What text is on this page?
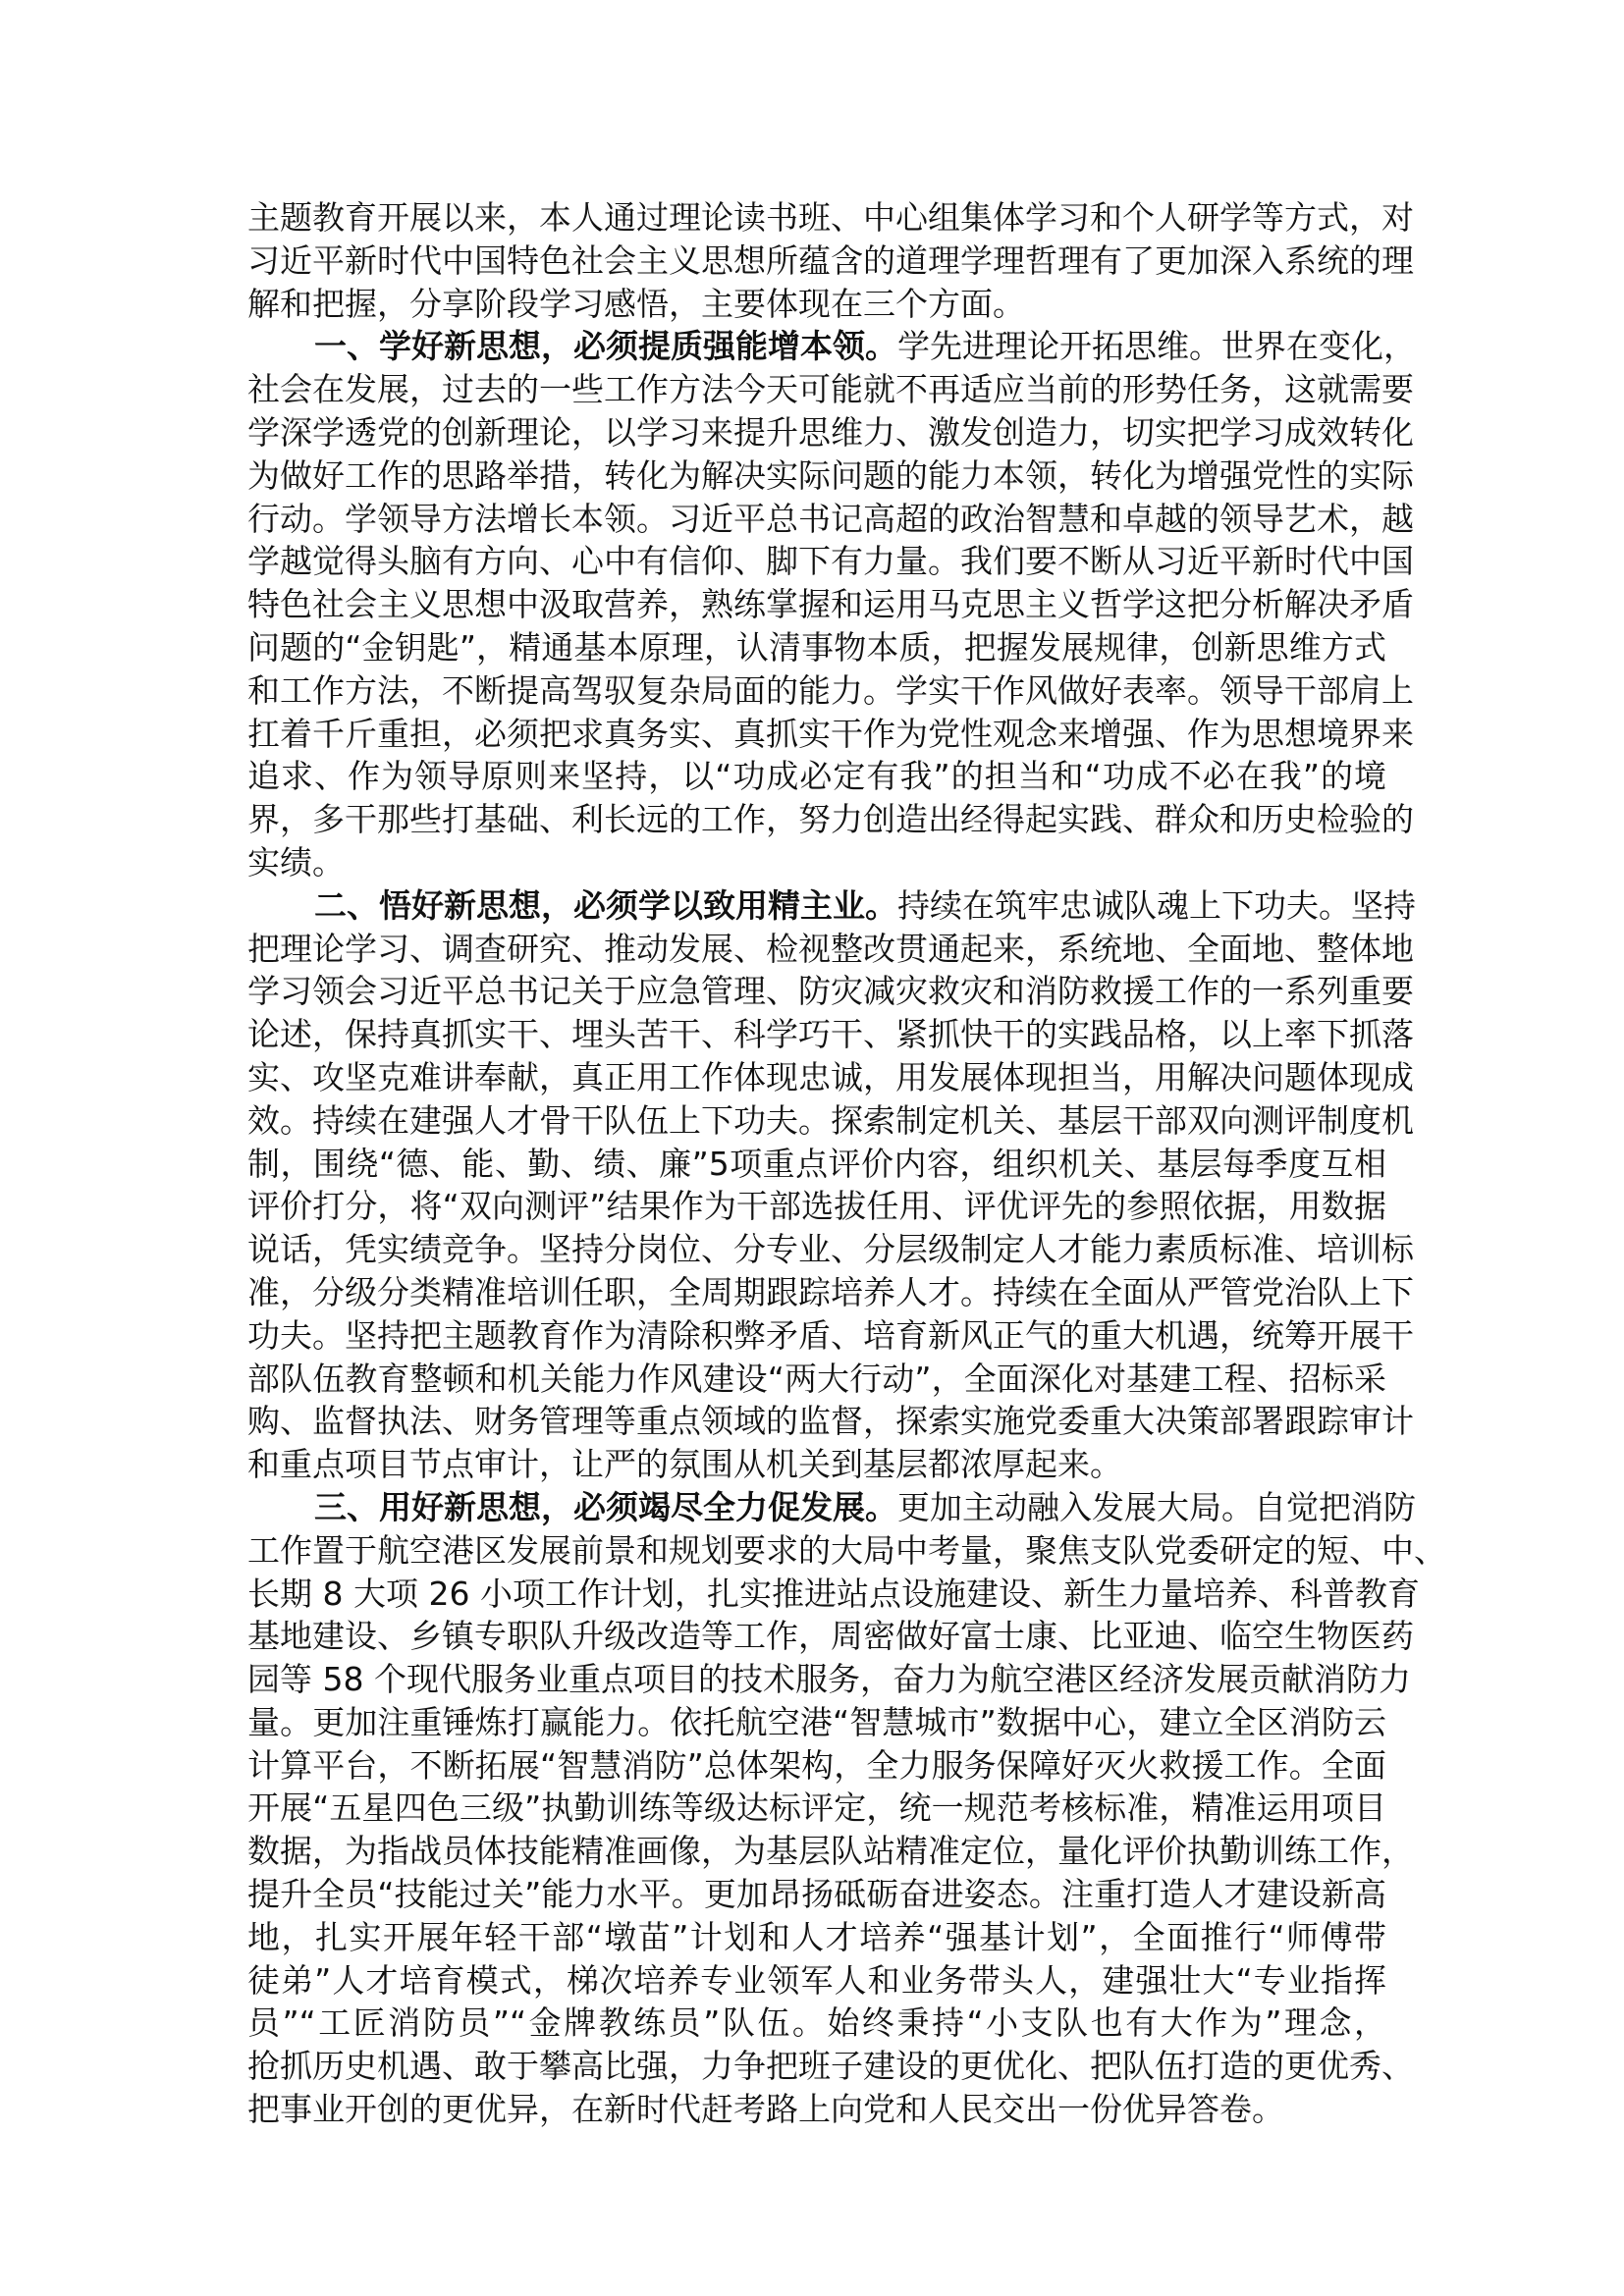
主题教育开展以来，本人通过理论读书班、中心组集体学习和个人研学等方式，对
习近平新时代中国特色社会主义思想所蕴含的道理学理哲理有了更加深入系统的理
解和把握，分享阶段学习感悟，主要体现在三个方面。
一、学好新思想，必须提质强能增本领。学先进理论开拓思维。世界在变化，
社会在发展，过去的一些工作方法今天可能就不再适应当前的形势任务，这就需要
学深学透党的创新理论，以学习来提升思维力、激发创造力，切实把学习成效转化
为做好工作的思路举措，转化为解决实际问题的能力本领，转化为增强党性的实际
行动。学领导方法增长本领。习近平总书记高超的政治智慧和卓越的领导艺术，越
学越觉得头脑有方向、心中有信仰、脚下有力量。我们要不断从习近平新时代中国
特色社会主义思想中汲取营养，熟练掌握和运用马克思主义哲学这把分析解决矛盾
问题的“金钥匙”，精通基本原理，认清事物本质，把握发展规律，创新思维方式
和工作方法，不断提高驾驭复杂局面的能力。学实干作风做好表率。领导干部肩上
扛着千斤重担，必须把求真务实、真抓实干作为党性观念来增强、作为思想境界来
追求、作为领导原则来坚持，以“功成必定有我”的担当和“功成不必在我”的境
界，多干那些打基础、利长远的工作，努力创造出经得起实践、群众和历史检验的
实绩。
二、悟好新思想，必须学以致用精主业。持续在筑牢忠诚队魂上下功夫。坚持
把理论学习、调查研究、推动发展、检视整改贯通起来，系统地、全面地、整体地
学习领会习近平总书记关于应急管理、防灾减灾救灾和消防救援工作的一系列重要
论述，保持真抓实干、埋头苦干、科学巧干、紧抓快干的实践品格，以上率下抓落
实、攻坚克难讲奉献，真正用工作体现忠诚，用发展体现担当，用解决问题体现成
效。持续在建强人才骨干队伍上下功夫。探索制定机关、基层干部双向测评制度机
制，围绕“德、能、勤、绩、廉”5项重点评价内容，组织机关、基层每季度互相
评价打分，将“双向测评”结果作为干部选拔任用、评优评先的参照依据，用数据
说话，凭实绩竞争。坚持分岗位、分专业、分层级制定人才能力素质标准、培训标
准，分级分类精准培训任职，全周期跟踪培养人才。持续在全面从严管党治队上下
功夫。坚持把主题教育作为清除积弊矛盾、培育新风正气的重大机遇，统筹开展干
部队伍教育整顿和机关能力作风建设“两大行动”，全面深化对基建工程、招标采
购、监督执法、财务管理等重点领域的监督，探索实施党委重大决策部署跟踪审计
和重点项目节点审计，让严的氛围从机关到基层都浓厚起来。
三、用好新思想，必须竭尽全力促发展。更加主动融入发展大局。自觉把消防
工作置于航空港区发展前景和规划要求的大局中考量，聚焦支队党委研定的短、中、
长期 8 大项 26 小项工作计划，扎实推进站点设施建设、新生力量培养、科普教育
基地建设、乡镇专职队升级改造等工作，周密做好富士康、比亚迪、临空生物医药
园等 58 个现代服务业重点项目的技术服务，奋力为航空港区经济发展贡献消防力
量。更加注重锤炼打赢能力。依托航空港“智慧城市”数据中心，建立全区消防云
计算平台，不断拓展“智慧消防”总体架构，全力服务保障好灭火救援工作。全面
开展“五星四色三级”执勤训练等级达标评定，统一规范考核标准，精准运用项目
数据，为指战员体技能精准画像，为基层队站精准定位，量化评价执勤训练工作，
提升全员“技能过关”能力水平。更加昂扬砥砺奋进姿态。注重打造人才建设新高
地，扎实开展年轻干部“墩苗”计划和人才培养“强基计划”，全面推行“师傅带
徒弟”人才培育模式，梯次培养专业领军人和业务带头人，建强壮大“专业指挥
员”“工匠消防员”“金牌教练员”队伍。始终秉持“小支队也有大作为”理念，
抢抓历史机遇、敢于攀高比强，力争把班子建设的更优化、把队伍打造的更优秀、
把事业开创的更优异，在新时代赶考路上向党和人民交出一份优异答卷。
